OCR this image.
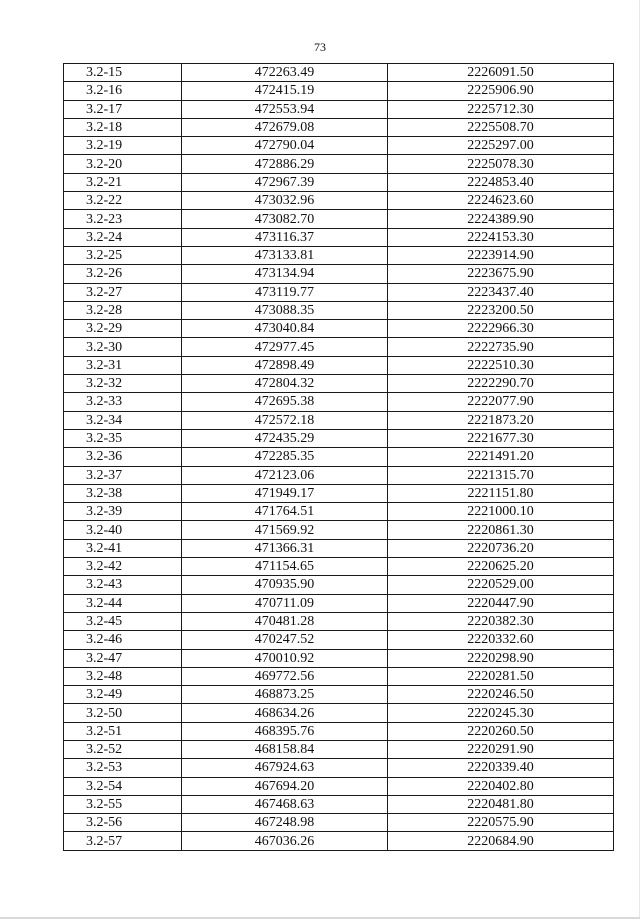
73
3.2-15	472263.49	2226091.50
3.2-16	472415.19	2225906.90
3.2-17	472553.94	2225712.30
3.2-18	472679.08	2225508.70
3.2-19	472790.04	2225297.00
3.2-20	472886.29	2225078.30
3.2-21	472967.39	2224853.40
3.2-22	473032.96	2224623.60
3.2-23	473082.70	2224389.90
3.2-24	473116.37	2224153.30
3.2-25	473133.81	2223914.90
3.2-26	473134.94	2223675.90
3.2-27	473119.77	2223437.40
3.2-28	473088.35	2223200.50
3.2-29	473040.84	2222966.30
3.2-30	472977.45	2222735.90
3.2-31	472898.49	2222510.30
3.2-32	472804.32	2222290.70
3.2-33	472695.38	2222077.90
3.2-34	472572.18	2221873.20
3.2-35	472435.29	2221677.30
3.2-36	472285.35	2221491.20
3.2-37	472123.06	2221315.70
3.2-38	471949.17	2221151.80
3.2-39	471764.51	2221000.10
3.2-40	471569.92	2220861.30
3.2-41	471366.31	2220736.20
3.2-42	471154.65	2220625.20
3.2-43	470935.90	2220529.00
3.2-44	470711.09	2220447.90
3.2-45	470481.28	2220382.30
3.2-46	470247.52	2220332.60
3.2-47	470010.92	2220298.90
3.2-48	469772.56	2220281.50
3.2-49	468873.25	2220246.50
3.2-50	468634.26	2220245.30
3.2-51	468395.76	2220260.50
3.2-52	468158.84	2220291.90
3.2-53	467924.63	2220339.40
3.2-54	467694.20	2220402.80
3.2-55	467468.63	2220481.80
3.2-56	467248.98	2220575.90
3.2-57	467036.26	2220684.90
